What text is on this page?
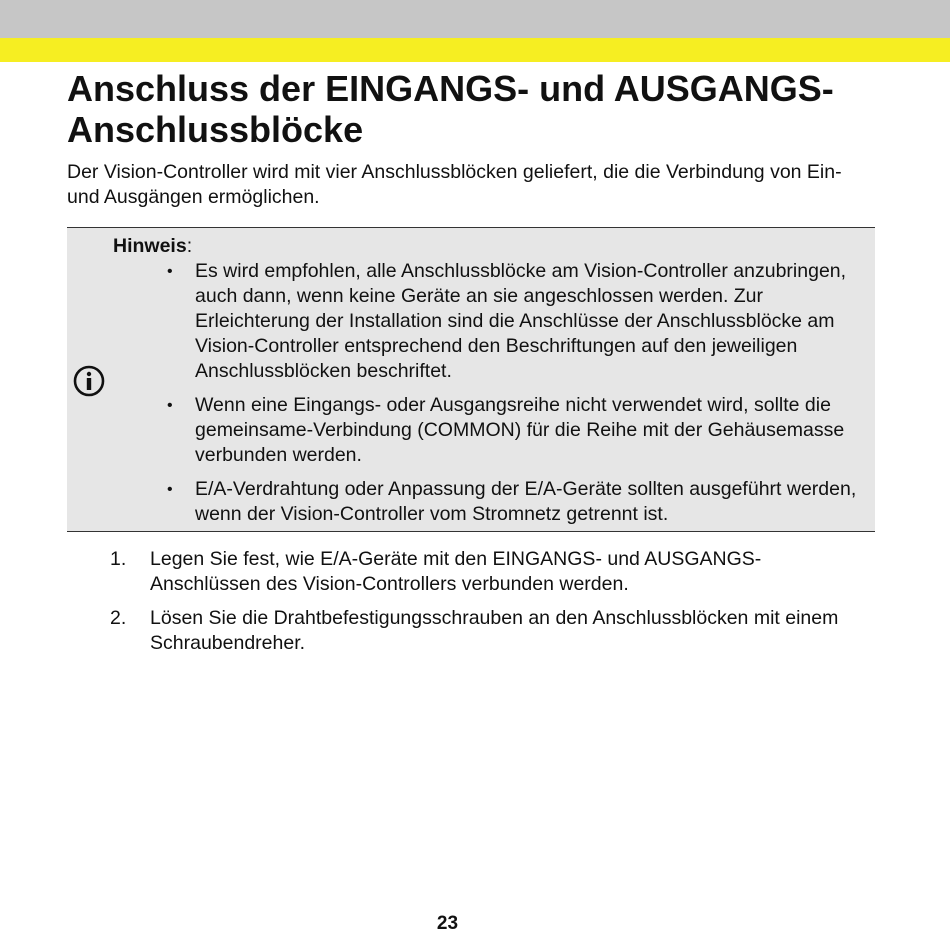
Anschluss der EINGANGS- und AUSGANGS-Anschlussblöcke

Der Vision-Controller wird mit vier Anschlussblöcken geliefert, die die Verbindung von Ein- und Ausgängen ermöglichen.

Hinweis:
• Es wird empfohlen, alle Anschlussblöcke am Vision-Controller anzubringen, auch dann, wenn keine Geräte an sie angeschlossen werden. Zur Erleichterung der Installation sind die Anschlüsse der Anschlussblöcke am Vision-Controller entsprechend den Beschriftungen auf den jeweiligen Anschlussblöcken beschriftet.
• Wenn eine Eingangs- oder Ausgangsreihe nicht verwendet wird, sollte die gemeinsame-Verbindung (COMMON) für die Reihe mit der Gehäusemasse verbunden werden.
• E/A-Verdrahtung oder Anpassung der E/A-Geräte sollten ausgeführt werden, wenn der Vision-Controller vom Stromnetz getrennt ist.
1. Legen Sie fest, wie E/A-Geräte mit den EINGANGS- und AUSGANGS-Anschlüssen des Vision-Controllers verbunden werden.
2. Lösen Sie die Drahtbefestigungsschrauben an den Anschlussblöcken mit einem Schraubendreher.
23
